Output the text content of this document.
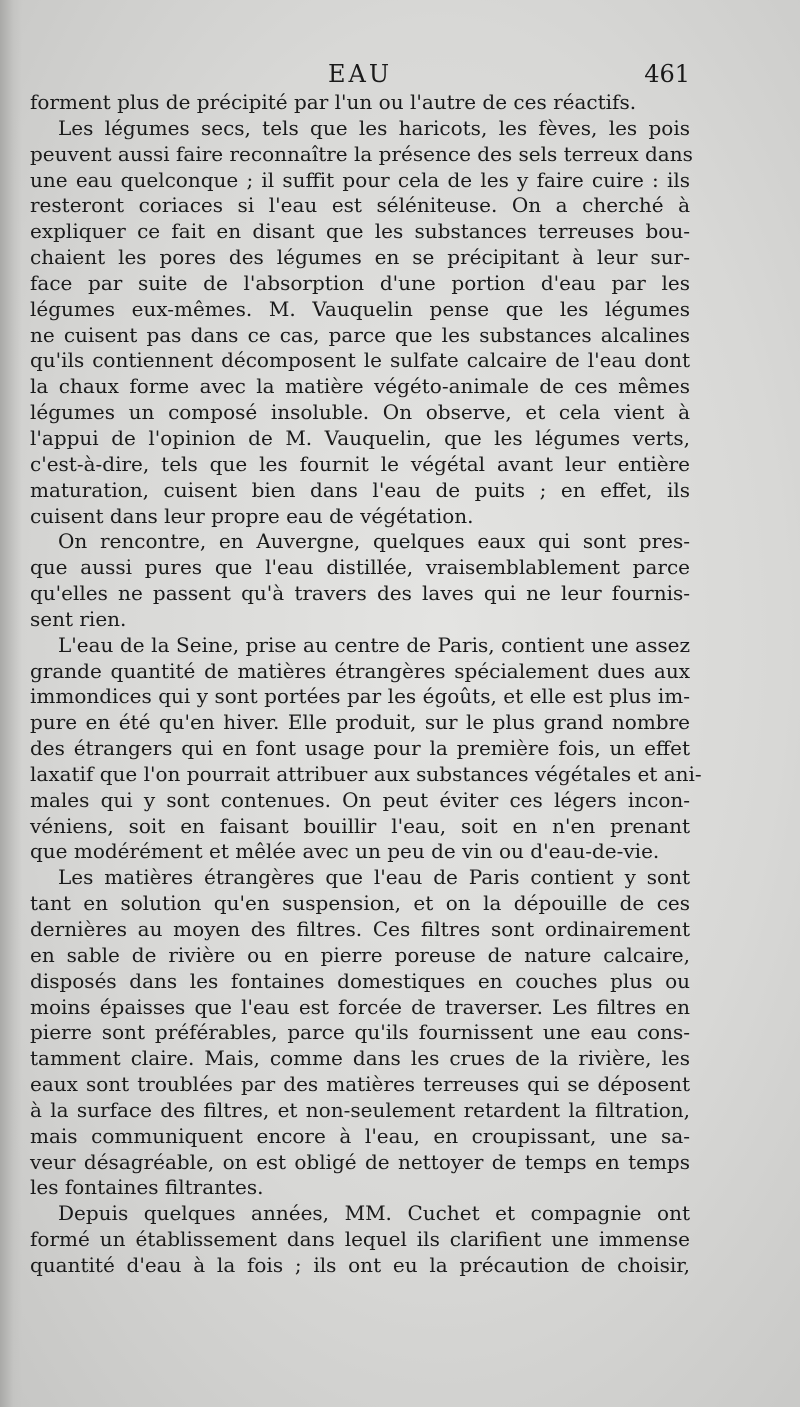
EAU	461
forment plus de précipité par l'un ou l'autre de ces réactifs.
Les légumes secs, tels que les haricots, les fèves, les pois
peuvent aussi faire reconnaître la présence des sels terreux dans
une eau quelconque ; il suffit pour cela de les y faire cuire : ils
resteront coriaces si l'eau est séléniteuse. On a cherché à
expliquer ce fait en disant que les substances terreuses bou-
chaient les pores des légumes en se précipitant à leur sur-
face par suite de l'absorption d'une portion d'eau par les
légumes eux-mêmes. M. Vauquelin pense que les légumes
ne cuisent pas dans ce cas, parce que les substances alcalines
qu'ils contiennent décomposent le sulfate calcaire de l'eau dont
la chaux forme avec la matière végéto-animale de ces mêmes
légumes un composé insoluble. On observe, et cela vient à
l'appui de l'opinion de M. Vauquelin, que les légumes verts,
c'est-à-dire, tels que les fournit le végétal avant leur entière
maturation, cuisent bien dans l'eau de puits ; en effet, ils
cuisent dans leur propre eau de végétation.
On rencontre, en Auvergne, quelques eaux qui sont pres-
que aussi pures que l'eau distillée, vraisemblablement parce
qu'elles ne passent qu'à travers des laves qui ne leur fournis-
sent rien.
L'eau de la Seine, prise au centre de Paris, contient une assez
grande quantité de matières étrangères spécialement dues aux
immondices qui y sont portées par les égoûts, et elle est plus im-
pure en été qu'en hiver. Elle produit, sur le plus grand nombre
des étrangers qui en font usage pour la première fois, un effet
laxatif que l'on pourrait attribuer aux substances végétales et ani-
males qui y sont contenues. On peut éviter ces légers incon-
véniens, soit en faisant bouillir l'eau, soit en n'en prenant
que modérément et mêlée avec un peu de vin ou d'eau-de-vie.
Les matières étrangères que l'eau de Paris contient y sont
tant en solution qu'en suspension, et on la dépouille de ces
dernières au moyen des filtres. Ces filtres sont ordinairement
en sable de rivière ou en pierre poreuse de nature calcaire,
disposés dans les fontaines domestiques en couches plus ou
moins épaisses que l'eau est forcée de traverser. Les filtres en
pierre sont préférables, parce qu'ils fournissent une eau cons-
tamment claire. Mais, comme dans les crues de la rivière, les
eaux sont troublées par des matières terreuses qui se déposent
à la surface des filtres, et non-seulement retardent la filtration,
mais communiquent encore à l'eau, en croupissant, une sa-
veur désagréable, on est obligé de nettoyer de temps en temps
les fontaines filtrantes.
Depuis quelques années, MM. Cuchet et compagnie ont
formé un établissement dans lequel ils clarifient une immense
quantité d'eau à la fois ; ils ont eu la précaution de choisir,
